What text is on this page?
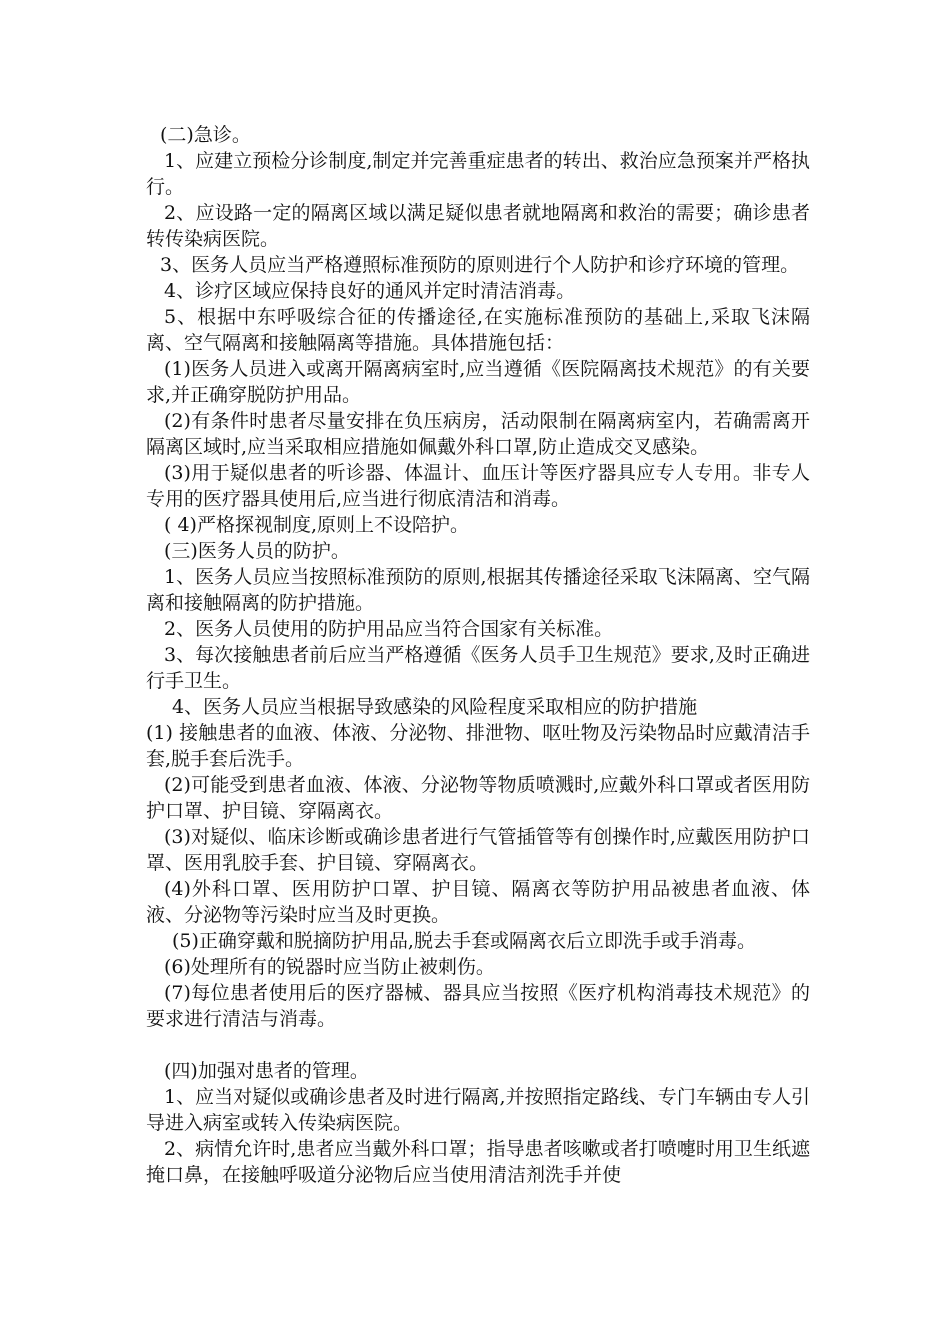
(二)急诊。

1、应建立预检分诊制度,制定并完善重症患者的转出、救治应急预案并严格执行。

2、应设路一定的隔离区域以满足疑似患者就地隔离和救治的需要；确诊患者转传染病医院。

3、医务人员应当严格遵照标准预防的原则进行个人防护和诊疗环境的管理。

4、诊疗区域应保持良好的通风并定时清洁消毒。

5、根据中东呼吸综合征的传播途径,在实施标准预防的基础上,采取飞沫隔离、空气隔离和接触隔离等措施。具体措施包括：

(1)医务人员进入或离开隔离病室时,应当遵循《医院隔离技术规范》的有关要求,并正确穿脱防护用品。

(2)有条件时患者尽量安排在负压病房，活动限制在隔离病室内，若确需离开隔离区域时,应当采取相应措施如佩戴外科口罩,防止造成交叉感染。

(3)用于疑似患者的听诊器、体温计、血压计等医疗器具应专人专用。非专人专用的医疗器具使用后,应当进行彻底清洁和消毒。

( 4)严格探视制度,原则上不设陪护。

(三)医务人员的防护。

1、医务人员应当按照标准预防的原则,根据其传播途径采取飞沫隔离、空气隔离和接触隔离的防护措施。

2、医务人员使用的防护用品应当符合国家有关标准。

3、每次接触患者前后应当严格遵循《医务人员手卫生规范》要求,及时正确进行手卫生。

4、医务人员应当根据导致感染的风险程度采取相应的防护措施

(1) 接触患者的血液、体液、分泌物、排泄物、呕吐物及污染物品时应戴清洁手套,脱手套后洗手。

(2)可能受到患者血液、体液、分泌物等物质喷溅时,应戴外科口罩或者医用防护口罩、护目镜、穿隔离衣。

(3)对疑似、临床诊断或确诊患者进行气管插管等有创操作时,应戴医用防护口罩、医用乳胶手套、护目镜、穿隔离衣。

(4)外科口罩、医用防护口罩、护目镜、隔离衣等防护用品被患者血液、体液、分泌物等污染时应当及时更换。

(5)正确穿戴和脱摘防护用品,脱去手套或隔离衣后立即洗手或手消毒。

(6)处理所有的锐器时应当防止被刺伤。

(7)每位患者使用后的医疗器械、器具应当按照《医疗机构消毒技术规范》的要求进行清洁与消毒。

(四)加强对患者的管理。

1、应当对疑似或确诊患者及时进行隔离,并按照指定路线、专门车辆由专人引导进入病室或转入传染病医院。

2、病情允许时,患者应当戴外科口罩；指导患者咳嗽或者打喷嚏时用卫生纸遮掩口鼻，在接触呼吸道分泌物后应当使用清洁剂洗手并使
